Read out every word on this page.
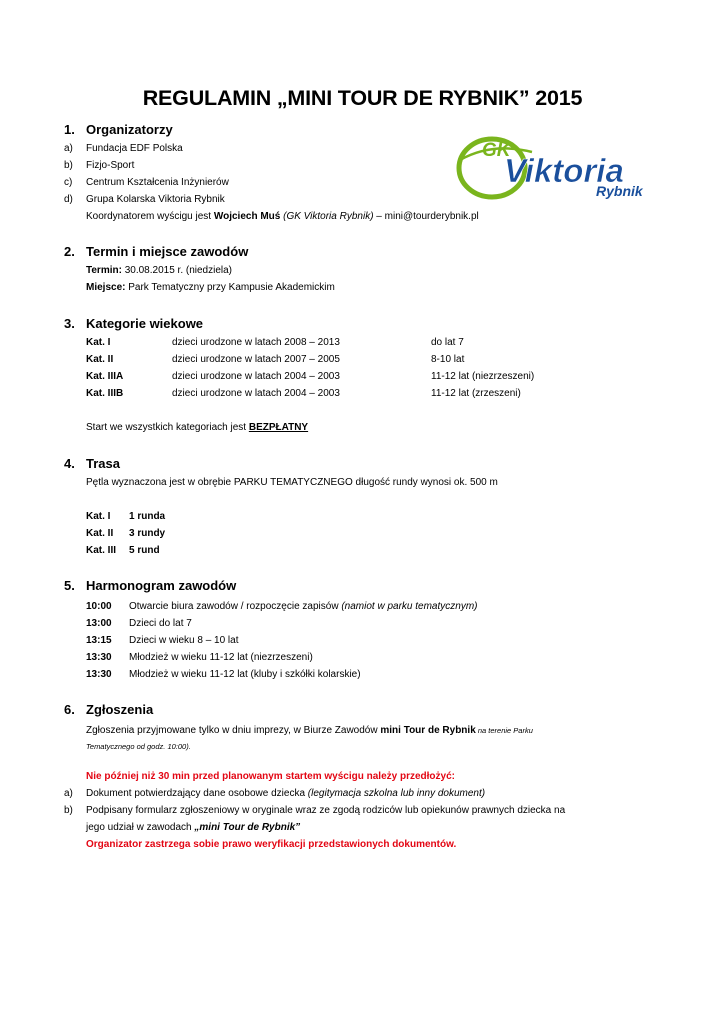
REGULAMIN „MINI TOUR DE RYBNIK” 2015
GK
Viktoria
Rybnik
1. Organizatorzy
a) Fundacja EDF Polska
b) Fizjo-Sport
c) Centrum Kształcenia Inżynierów
d) Grupa Kolarska Viktoria Rybnik
Koordynatorem wyścigu jest Wojciech Muś (GK Viktoria Rybnik) – mini@tourderybnik.pl
2. Termin i miejsce zawodów
Termin: 30.08.2015 r. (niedziela)
Miejsce: Park Tematyczny przy Kampusie Akademickim
3. Kategorie wiekowe
Kat. I	dzieci urodzone w latach 2008 – 2013	do lat 7
Kat. II	dzieci urodzone w latach 2007 – 2005	8-10 lat
Kat. IIIA	dzieci urodzone w latach 2004 – 2003	11-12 lat (niezrzeszeni)
Kat. IIIB	dzieci urodzone w latach 2004 – 2003	11-12 lat (zrzeszeni)
Start we wszystkich kategoriach jest BEZPŁATNY
4. Trasa
Pętla wyznaczona jest w obrębie PARKU TEMATYCZNEGO długość rundy wynosi ok. 500 m
Kat. I 1 runda
Kat. II 3 rundy
Kat. III 5 rund
5. Harmonogram zawodów
10:00 Otwarcie biura zawodów / rozpoczęcie zapisów (namiot w parku tematycznym)
13:00 Dzieci do lat 7
13:15 Dzieci w wieku 8 – 10 lat
13:30 Młodzież w wieku 11-12 lat (niezrzeszeni)
13:30 Młodzież w wieku 11-12 lat (kluby i szkółki kolarskie)
6. Zgłoszenia
Zgłoszenia przyjmowane tylko w dniu imprezy, w Biurze Zawodów mini Tour de Rybnik na terenie Parku
Tematycznego od godz. 10:00).
Nie później niż 30 min przed planowanym startem wyścigu należy przedłożyć:
a) Dokument potwierdzający dane osobowe dziecka (legitymacja szkolna lub inny dokument)
b) Podpisany formularz zgłoszeniowy w oryginale wraz ze zgodą rodziców lub opiekunów prawnych dziecka na
jego udział w zawodach „mini Tour de Rybnik”
Organizator zastrzega sobie prawo weryfikacji przedstawionych dokumentów.
